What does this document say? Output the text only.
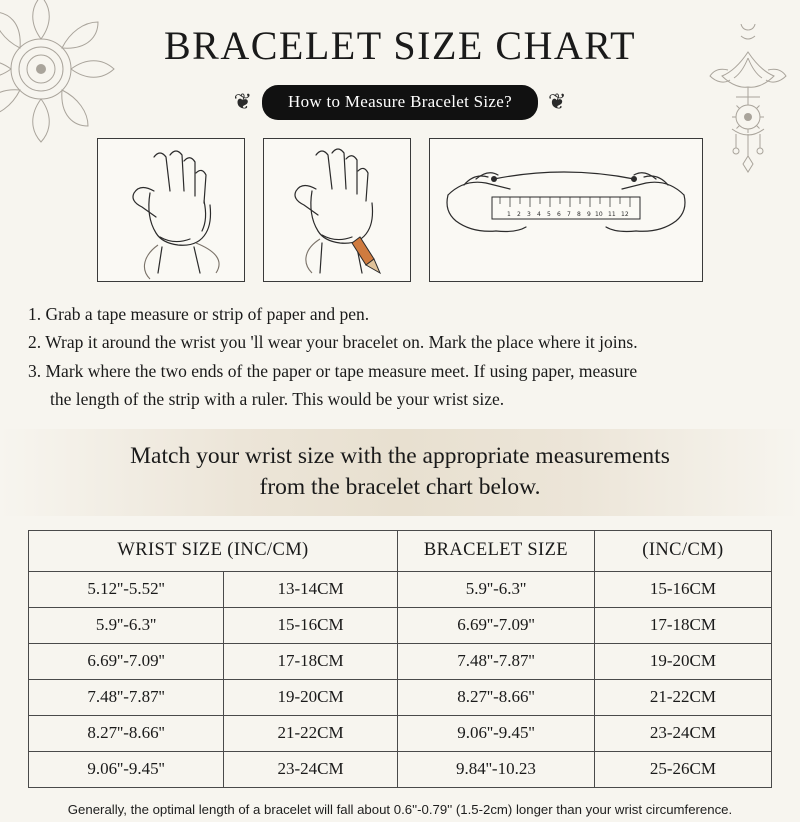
BRACELET SIZE CHART
❦	How to Measure Bracelet Size?	❦
1 2 3 4 5 6 7 8 9 10 11 12
1. Grab a tape measure or strip of paper and pen.
2. Wrap it around the wrist you 'll wear your bracelet on. Mark the place where it joins.
3. Mark where the two ends of the paper or tape measure meet. If using paper, measure
the length of the strip with a ruler. This would be your wrist size.
Match your wrist size with the appropriate measurements
from the bracelet chart below.
WRIST SIZE (INC/CM)		BRACELET SIZE	(INC/CM)
5.12''-5.52''	13-14CM	5.9''-6.3''	15-16CM
5.9''-6.3''	15-16CM	6.69''-7.09''	17-18CM
6.69''-7.09''	17-18CM	7.48''-7.87''	19-20CM
7.48''-7.87''	19-20CM	8.27''-8.66''	21-22CM
8.27''-8.66''	21-22CM	9.06''-9.45''	23-24CM
9.06''-9.45''	23-24CM	9.84''-10.23	25-26CM
Generally, the optimal length of a bracelet will fall about 0.6''-0.79'' (1.5-2cm) longer than your wrist circumference.
